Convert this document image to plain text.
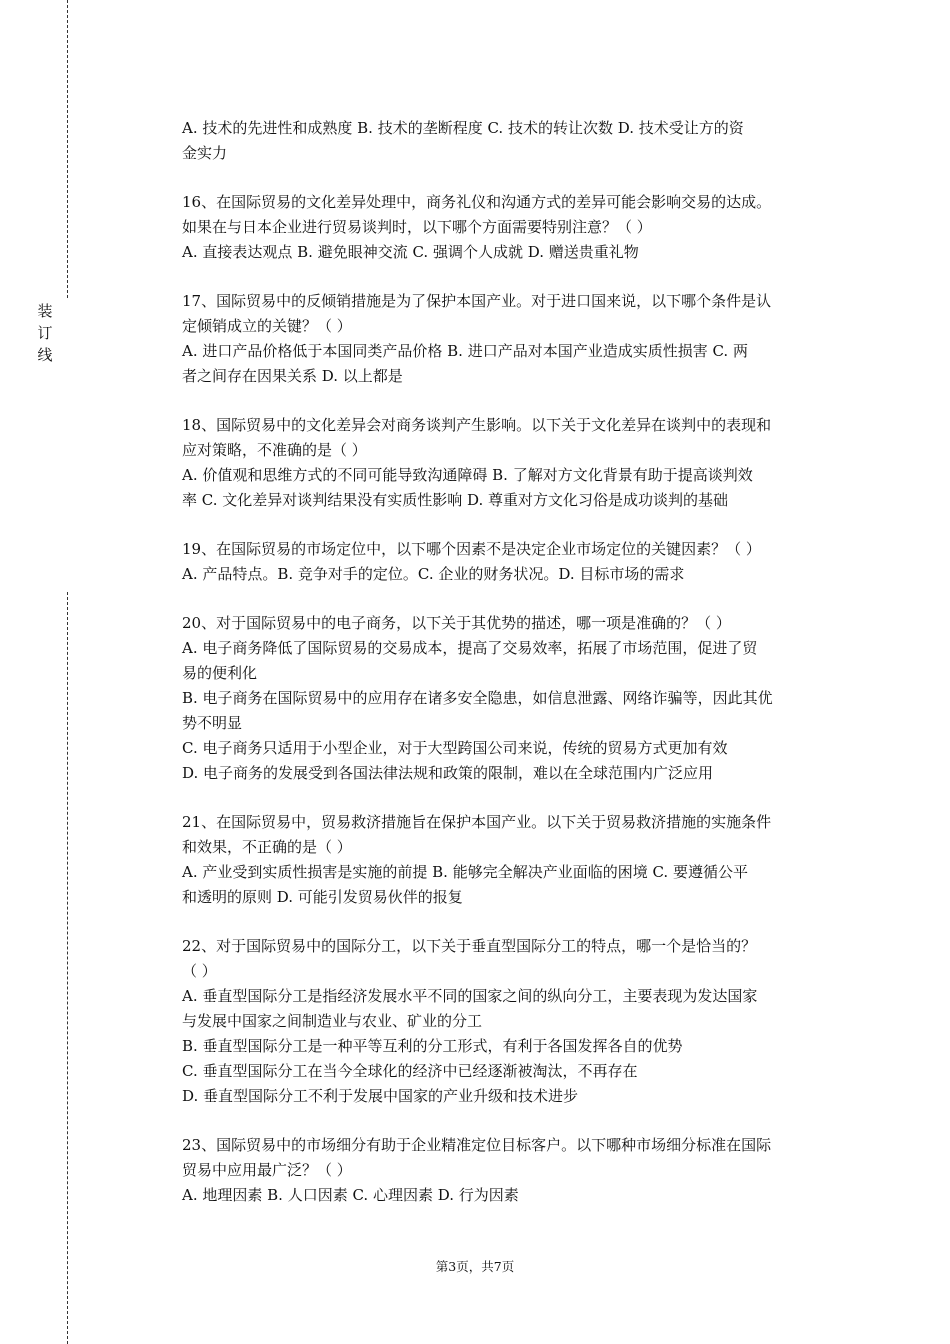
装
订
线
A. 技术的先进性和成熟度 B. 技术的垄断程度 C. 技术的转让次数 D. 技术受让方的资
金实力
16、在国际贸易的文化差异处理中，商务礼仪和沟通方式的差异可能会影响交易的达成。
如果在与日本企业进行贸易谈判时，以下哪个方面需要特别注意？（ ）
A. 直接表达观点 B. 避免眼神交流 C. 强调个人成就 D. 赠送贵重礼物
17、国际贸易中的反倾销措施是为了保护本国产业。对于进口国来说，以下哪个条件是认
定倾销成立的关键？（ ）
A. 进口产品价格低于本国同类产品价格 B. 进口产品对本国产业造成实质性损害 C. 两
者之间存在因果关系 D. 以上都是
18、国际贸易中的文化差异会对商务谈判产生影响。以下关于文化差异在谈判中的表现和
应对策略，不准确的是（ ）
A. 价值观和思维方式的不同可能导致沟通障碍 B. 了解对方文化背景有助于提高谈判效
率 C. 文化差异对谈判结果没有实质性影响 D. 尊重对方文化习俗是成功谈判的基础
19、在国际贸易的市场定位中，以下哪个因素不是决定企业市场定位的关键因素？（ ）
A. 产品特点。B. 竞争对手的定位。C. 企业的财务状况。D. 目标市场的需求
20、对于国际贸易中的电子商务，以下关于其优势的描述，哪一项是准确的？（ ）
A. 电子商务降低了国际贸易的交易成本，提高了交易效率，拓展了市场范围，促进了贸
易的便利化
B. 电子商务在国际贸易中的应用存在诸多安全隐患，如信息泄露、网络诈骗等，因此其优
势不明显
C. 电子商务只适用于小型企业，对于大型跨国公司来说，传统的贸易方式更加有效
D. 电子商务的发展受到各国法律法规和政策的限制，难以在全球范围内广泛应用
21、在国际贸易中，贸易救济措施旨在保护本国产业。以下关于贸易救济措施的实施条件
和效果，不正确的是（ ）
A. 产业受到实质性损害是实施的前提 B. 能够完全解决产业面临的困境 C. 要遵循公平
和透明的原则 D. 可能引发贸易伙伴的报复
22、对于国际贸易中的国际分工，以下关于垂直型国际分工的特点，哪一个是恰当的？
（ ）
A. 垂直型国际分工是指经济发展水平不同的国家之间的纵向分工，主要表现为发达国家
与发展中国家之间制造业与农业、矿业的分工
B. 垂直型国际分工是一种平等互利的分工形式，有利于各国发挥各自的优势
C. 垂直型国际分工在当今全球化的经济中已经逐渐被淘汰，不再存在
D. 垂直型国际分工不利于发展中国家的产业升级和技术进步
23、国际贸易中的市场细分有助于企业精准定位目标客户。以下哪种市场细分标准在国际
贸易中应用最广泛？（ ）
A. 地理因素 B. 人口因素 C. 心理因素 D. 行为因素
第3页，共7页
